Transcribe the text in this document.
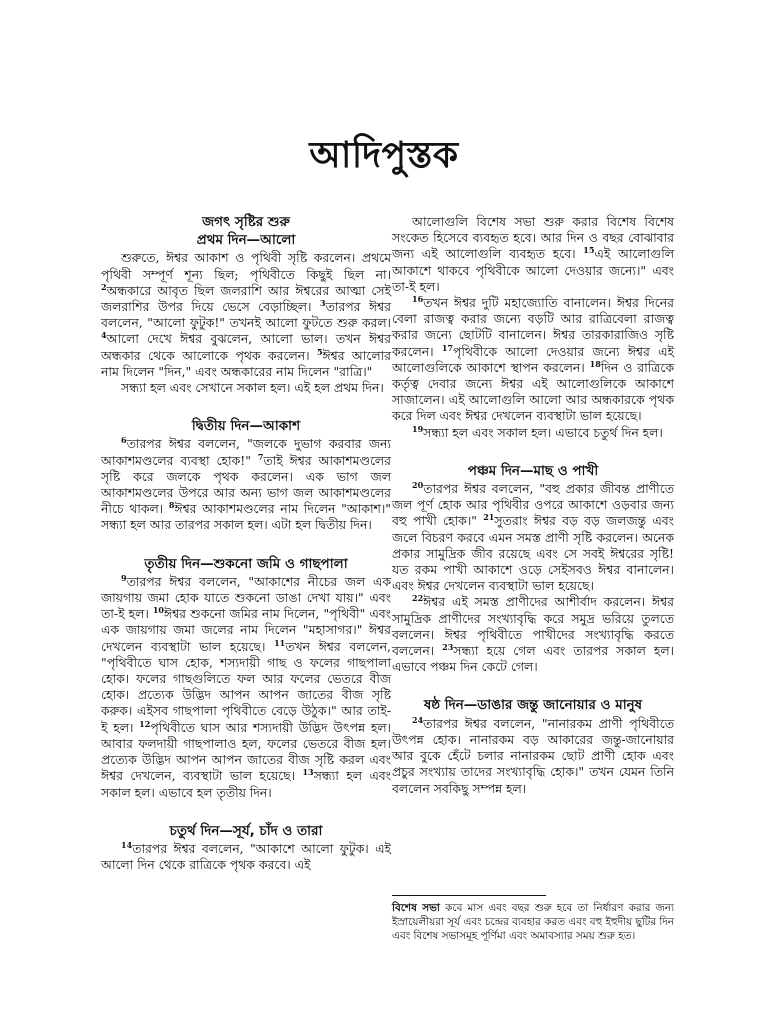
আদিপুস্তক
জগৎ সৃষ্টির শুরু
প্রথম দিন—আলো

শুরুতে, ঈশ্বর আকাশ ও পৃথিবী সৃষ্টি করলেন। প্রথমে পৃথিবী সম্পূর্ণ শূন্য ছিল; পৃথিবীতে কিছুই ছিল না। $^2$অন্ধকারে আবৃত ছিল জলরাশি আর ঈশ্বরের আত্মা সেই জলরাশির উপর দিয়ে ভেসে বেড়াচ্ছিল। $^3$তারপর ঈশ্বর বললেন, "আলো ফুটুক!" তখনই আলো ফুটতে শুরু করল। $^4$আলো দেখে ঈশ্বর বুঝলেন, আলো ভাল। তখন ঈশ্বর অন্ধকার থেকে আলোকে পৃথক করলেন। $^5$ঈশ্বর আলোর নাম দিলেন "দিন," এবং অন্ধকারের নাম দিলেন "রাত্রি।"

সন্ধ্যা হল এবং সেখানে সকাল হল। এই হল প্রথম দিন।

দ্বিতীয় দিন—আকাশ

$^6$তারপর ঈশ্বর বললেন, "জলকে দুভাগ করবার জন্য আকাশমণ্ডলের ব্যবস্থা হোক!" $^7$তাই ঈশ্বর আকাশমণ্ডলের সৃষ্টি করে জলকে পৃথক করলেন। এক ভাগ জল আকাশমণ্ডলের উপরে আর অন্য ভাগ জল আকাশমণ্ডলের নীচে থাকল। $^8$ঈশ্বর আকাশমণ্ডলের নাম দিলেন "আকাশ।" সন্ধ্যা হল আর তারপর সকাল হল। এটা হল দ্বিতীয় দিন।

তৃতীয় দিন—শুকনো জমি ও গাছপালা

$^9$তারপর ঈশ্বর বললেন, "আকাশের নীচের জল এক জায়গায় জমা হোক যাতে শুকনো ডাঙা দেখা যায়।" এবং তা-ই হল। $^{10}$ঈশ্বর শুকনো জমির নাম দিলেন, "পৃথিবী" এবং এক জায়গায় জমা জলের নাম দিলেন "মহাসাগর।" ঈশ্বর দেখলেন ব্যবস্থাটা ভাল হয়েছে। $^{11}$তখন ঈশ্বর বললেন, "পৃথিবীতে ঘাস হোক, শস্যদায়ী গাছ ও ফলের গাছপালা হোক। ফলের গাছগুলিতে ফল আর ফলের ভেতরে বীজ হোক। প্রত্যেক উদ্ভিদ আপন আপন জাতের বীজ সৃষ্টি করুক। এইসব গাছপালা পৃথিবীতে বেড়ে উঠুক।" আর তাই-ই হল। $^{12}$পৃথিবীতে ঘাস আর শস্যদায়ী উদ্ভিদ উৎপন্ন হল। আবার ফলদায়ী গাছপালাও হল, ফলের ভেতরে বীজ হল। প্রত্যেক উদ্ভিদ আপন আপন জাতের বীজ সৃষ্টি করল এবং ঈশ্বর দেখলেন, ব্যবস্থাটা ভাল হয়েছে। $^{13}$সন্ধ্যা হল এবং সকাল হল। এভাবে হল তৃতীয় দিন।

চতুর্থ দিন—সূর্য, চাঁদ ও তারা

$^{14}$তারপর ঈশ্বর বললেন, "আকাশে আলো ফুটুক। এই আলো দিন থেকে রাত্রিকে পৃথক করবে। এই

আলোগুলি বিশেষ সভা শুরু করার বিশেষ বিশেষ সংকেত হিসেবে ব্যবহৃত হবে। আর দিন ও বছর বোঝাবার জন্য এই আলোগুলি ব্যবহৃত হবে। $^{15}$এই আলোগুলি আকাশে থাকবে পৃথিবীকে আলো দেওয়ার জন্যে।" এবং তা-ই হল।

$^{16}$তখন ঈশ্বর দুটি মহাজ্যোতি বানালেন। ঈশ্বর দিনের বেলা রাজত্ব করার জন্যে বড়টি আর রাত্রিবেলা রাজত্ব করার জন্যে ছোটটি বানালেন। ঈশ্বর তারকারাজিও সৃষ্টি করলেন। $^{17}$পৃথিবীকে আলো দেওয়ার জন্যে ঈশ্বর এই আলোগুলিকে আকাশে স্থাপন করলেন। $^{18}$দিন ও রাত্রিকে কর্তৃত্ব দেবার জন্যে ঈশ্বর এই আলোগুলিকে আকাশে সাজালেন। এই আলোগুলি আলো আর অন্ধকারকে পৃথক করে দিল এবং ঈশ্বর দেখলেন ব্যবস্থাটা ভাল হয়েছে।

$^{19}$সন্ধ্যা হল এবং সকাল হল। এভাবে চতুর্থ দিন হল।

পঞ্চম দিন—মাছ ও পাখী

$^{20}$তারপর ঈশ্বর বললেন, "বহু প্রকার জীবন্ত প্রাণীতে জল পূর্ণ হোক আর পৃথিবীর ওপরে আকাশে ওড়বার জন্য বহু পাখী হোক।" $^{21}$সুতরাং ঈশ্বর বড় বড় জলজন্তু এবং জলে বিচরণ করবে এমন সমস্ত প্রাণী সৃষ্টি করলেন। অনেক প্রকার সামুদ্রিক জীব রয়েছে এবং সে সবই ঈশ্বরের সৃষ্টি! যত রকম পাখী আকাশে ওড়ে সেইসবও ঈশ্বর বানালেন। এবং ঈশ্বর দেখলেন ব্যবস্থাটা ভাল হয়েছে।

$^{22}$ঈশ্বর এই সমস্ত প্রাণীদের আশীর্বাদ করলেন। ঈশ্বর সামুদ্রিক প্রাণীদের সংখ্যাবৃদ্ধি করে সমুদ্র ভরিয়ে তুলতে বললেন। ঈশ্বর পৃথিবীতে পাখীদের সংখ্যাবৃদ্ধি করতে বললেন। $^{23}$সন্ধ্যা হয়ে গেল এবং তারপর সকাল হল। এভাবে পঞ্চম দিন কেটে গেল।

ষষ্ঠ দিন—ডাঙার জন্তু জানোয়ার ও মানুষ

$^{24}$তারপর ঈশ্বর বললেন, "নানারকম প্রাণী পৃথিবীতে উৎপন্ন হোক। নানারকম বড় আকারের জন্তু-জানোয়ার আর বুকে হেঁটে চলার নানারকম ছোট প্রাণী হোক এবং প্রচুর সংখ্যায় তাদের সংখ্যাবৃদ্ধি হোক।" তখন যেমন তিনি বললেন সবকিছু সম্পন্ন হল।

বিশেষ সভা কবে মাস এবং বছর শুরু হবে তা নির্ধারণ করার জন্য ইস্রায়েলীয়রা সূর্য এবং চন্দ্রের ব্যবহার করত এবং বহু ইহুদীয় ছুটির দিন এবং বিশেষ সভাসমূহ পূর্ণিমা এবং অমাবস্যার সময় শুরু হত।
